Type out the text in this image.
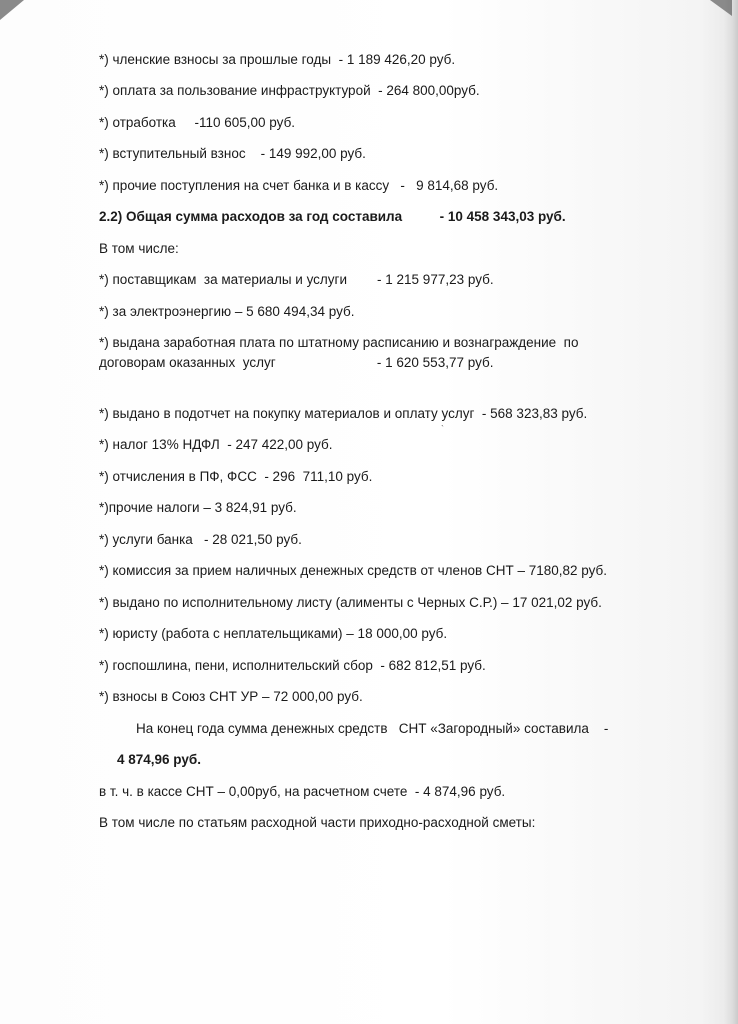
*) членские взносы за прошлые годы  - 1 189 426,20 руб.
*) оплата за пользование инфраструктурой  - 264 800,00руб.
*) отработка     -110 605,00 руб.
*) вступительный взнос    - 149 992,00 руб.
*) прочие поступления на счет банка и в кассу   -   9 814,68 руб.
2.2) Общая сумма расходов за год составила          - 10 458 343,03 руб.
В том числе:
*) поставщикам  за материалы и услуги        - 1 215 977,23 руб.
*) за электроэнергию – 5 680 494,34 руб.
*) выдана заработная плата по штатному расписанию и вознаграждение  по
договорам оказанных  услуг                           - 1 620 553,77 руб.
*) выдано в подотчет на покупку материалов и оплату услуг  - 568 323,83 руб.
`
*) налог 13% НДФЛ  - 247 422,00 руб.
*) отчисления в ПФ, ФСС  - 296  711,10 руб.
*)прочие налоги – 3 824,91 руб.
*) услуги банка   - 28 021,50 руб.
*) комиссия за прием наличных денежных средств от членов СНТ – 7180,82 руб.
*) выдано по исполнительному листу (алименты с Черных С.Р.) – 17 021,02 руб.
*) юристу (работа с неплательщиками) – 18 000,00 руб.
*) госпошлина, пени, исполнительский сбор  - 682 812,51 руб.
*) взносы в Союз СНТ УР – 72 000,00 руб.
На конец года сумма денежных средств   СНТ «Загородный» составила    -
4 874,96 руб.
в т. ч. в кассе СНТ – 0,00руб, на расчетном счете  - 4 874,96 руб.
В том числе по статьям расходной части приходно-расходной сметы:
